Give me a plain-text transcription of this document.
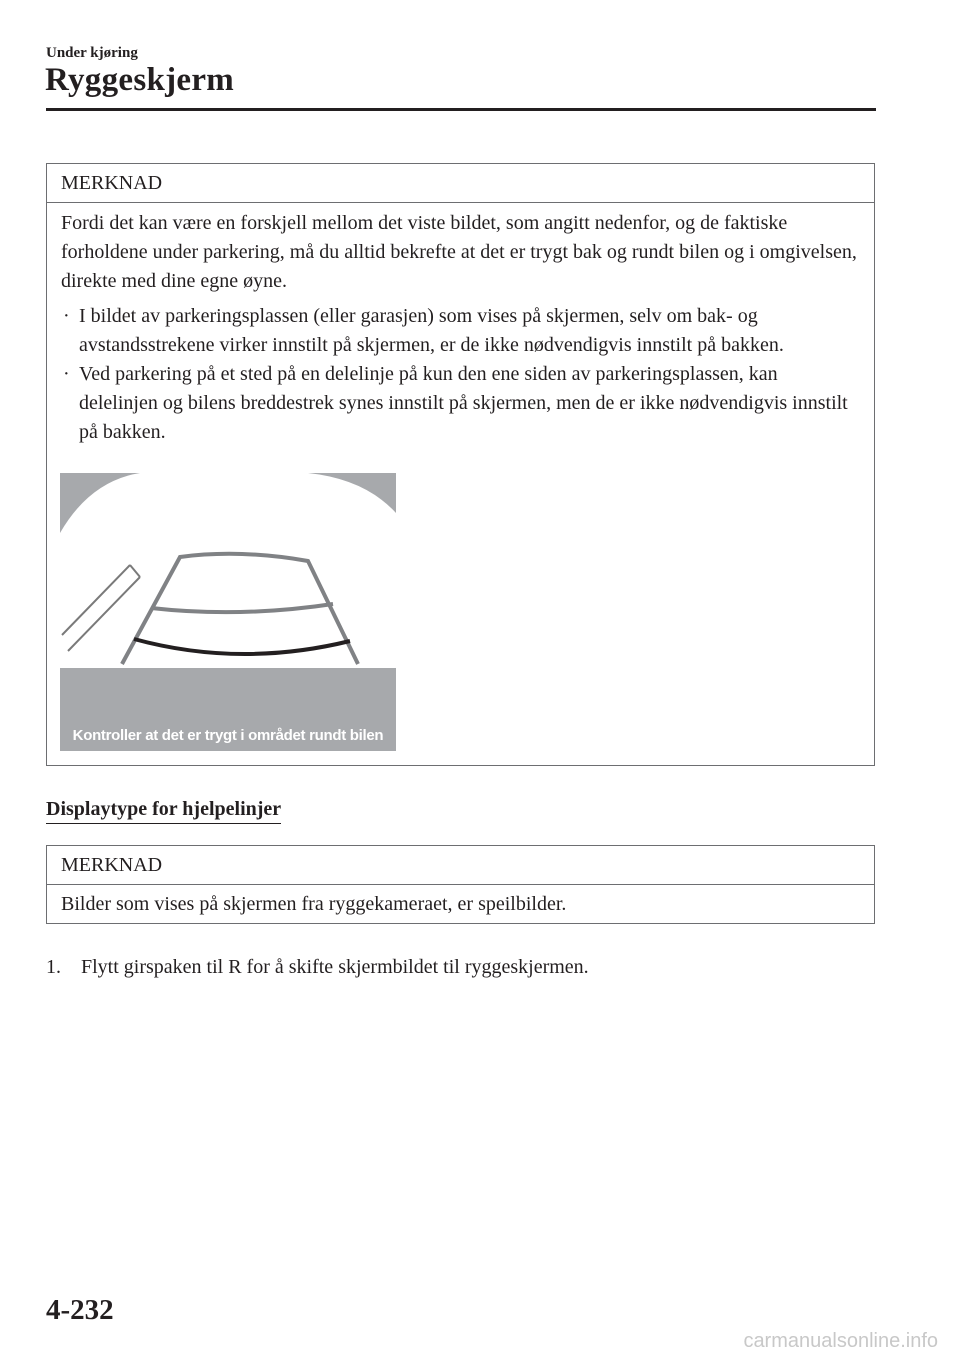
Under kjøring
Ryggeskjerm
MERKNAD

Fordi det kan være en forskjell mellom det viste bildet, som angitt nedenfor, og de faktiske forholdene under parkering, må du alltid bekrefte at det er trygt bak og rundt bilen og i omgivelsen, direkte med dine egne øyne.

· I bildet av parkeringsplassen (eller garasjen) som vises på skjermen, selv om bak- og avstandsstrekene virker innstilt på skjermen, er de ikke nødvendigvis innstilt på bakken.
· Ved parkering på et sted på en delelinje på kun den ene siden av parkeringsplassen, kan delelinjen og bilens breddestrek synes innstilt på skjermen, men de er ikke nødvendigvis innstilt på bakken.
Kontroller at det er trygt i området rundt bilen
Displaytype for hjelpelinjer
MERKNAD
Bilder som vises på skjermen fra ryggekameraet, er speilbilder.
1. Flytt girspaken til R for å skifte skjermbildet til ryggeskjermen.
4-232
carmanualsonline.info
